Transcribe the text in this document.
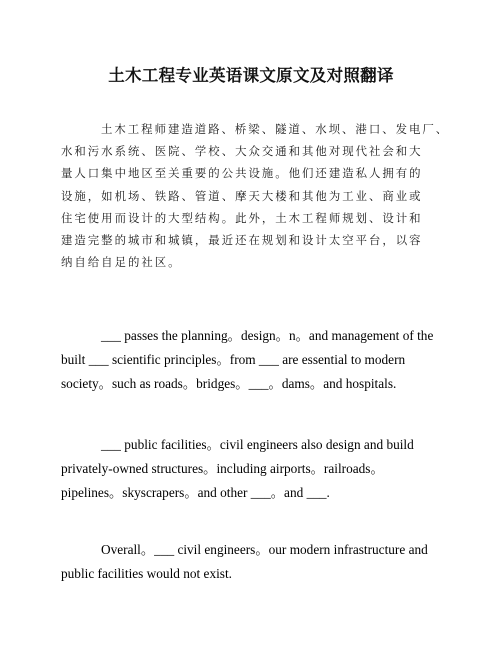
土木工程专业英语课文原文及对照翻译
土木工程师建造道路、桥梁、隧道、水坝、港口、发电厂、
水和污水系统、医院、学校、大众交通和其他对现代社会和大
量人口集中地区至关重要的公共设施。他们还建造私人拥有的
设施，如机场、铁路、管道、摩天大楼和其他为工业、商业或
住宅使用而设计的大型结构。此外，土木工程师规划、设计和
建造完整的城市和城镇，最近还在规划和设计太空平台，以容
纳自给自足的社区。
___ passes the planning。design。n。and management of the
built ___ scientific principles。from ___ are essential to modern
society。such as roads。bridges。___。dams。and hospitals.
___ public facilities。civil engineers also design and build
privately-owned structures。including airports。railroads。
pipelines。skyscrapers。and other ___。and ___.
Overall。___ civil engineers。our modern infrastructure and
public facilities would not exist.
